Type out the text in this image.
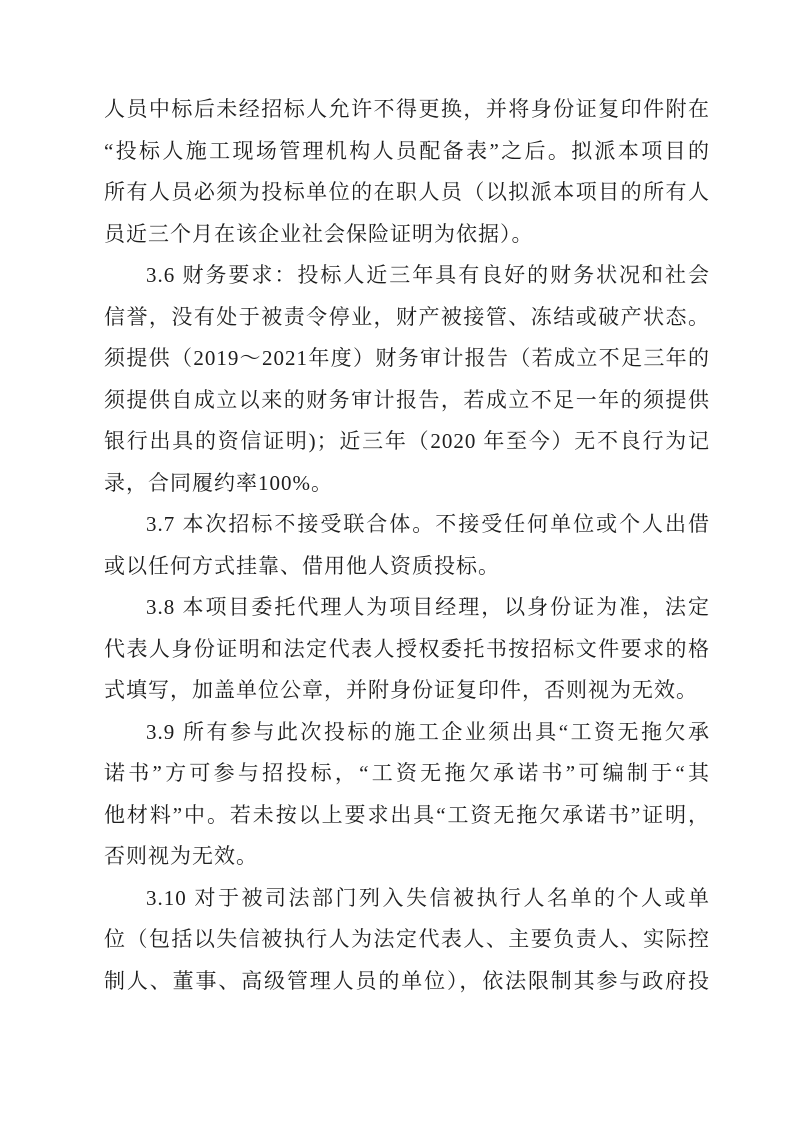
人员中标后未经招标人允许不得更换，并将身份证复印件附在
“投标人施工现场管理机构人员配备表”之后。拟派本项目的
所有人员必须为投标单位的在职人员（以拟派本项目的所有人
员近三个月在该企业社会保险证明为依据）。
3.6 财务要求：投标人近三年具有良好的财务状况和社会
信誉，没有处于被责令停业，财产被接管、冻结或破产状态。
须提供（2019～2021年度）财务审计报告（若成立不足三年的
须提供自成立以来的财务审计报告，若成立不足一年的须提供
银行出具的资信证明)；近三年（2020 年至今）无不良行为记
录，合同履约率100%。
3.7 本次招标不接受联合体。不接受任何单位或个人出借
或以任何方式挂靠、借用他人资质投标。
3.8 本项目委托代理人为项目经理，以身份证为准，法定
代表人身份证明和法定代表人授权委托书按招标文件要求的格
式填写，加盖单位公章，并附身份证复印件，否则视为无效。
3.9 所有参与此次投标的施工企业须出具“工资无拖欠承
诺书”方可参与招投标，“工资无拖欠承诺书”可编制于“其
他材料”中。若未按以上要求出具“工资无拖欠承诺书”证明，
否则视为无效。
3.10 对于被司法部门列入失信被执行人名单的个人或单
位（包括以失信被执行人为法定代表人、主要负责人、实际控
制人、董事、高级管理人员的单位），依法限制其参与政府投
